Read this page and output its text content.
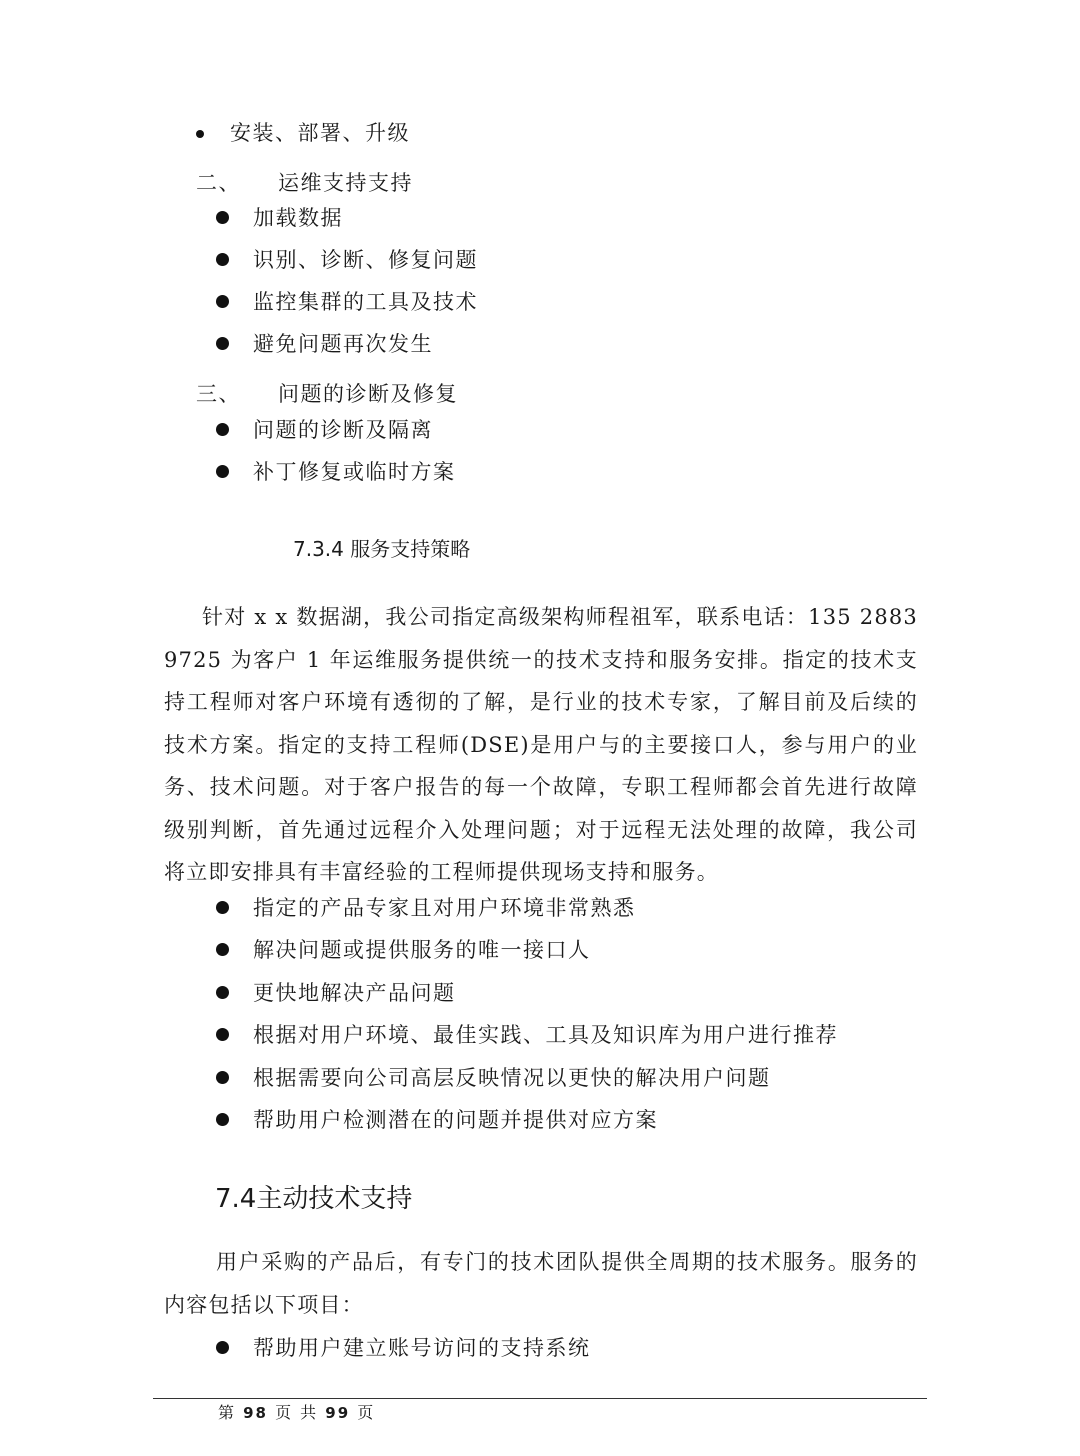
安装、部署、升级
二、 运维支持支持
加载数据
识别、诊断、修复问题
监控集群的工具及技术
避免问题再次发生
三、 问题的诊断及修复
问题的诊断及隔离
补丁修复或临时方案
7.3.4 服务支持策略

针对 x x 数据湖，我公司指定高级架构师程祖军，联系电话：135 2883 9725 为客户 1 年运维服务提供统一的技术支持和服务安排。指定的技术支持工程师对客户环境有透彻的了解，是行业的技术专家，了解目前及后续的技术方案。指定的支持工程师(DSE)是用户与的主要接口人，参与用户的业务、技术问题。对于客户报告的每一个故障，专职工程师都会首先进行故障级别判断，首先通过远程介入处理问题；对于远程无法处理的故障，我公司将立即安排具有丰富经验的工程师提供现场支持和服务。

指定的产品专家且对用户环境非常熟悉
解决问题或提供服务的唯一接口人
更快地解决产品问题
根据对用户环境、最佳实践、工具及知识库为用户进行推荐
根据需要向公司高层反映情况以更快的解决用户问题
帮助用户检测潜在的问题并提供对应方案
7.4主动技术支持

用户采购的产品后，有专门的技术团队提供全周期的技术服务。服务的内容包括以下项目：

帮助用户建立账号访问的支持系统
第 98 页 共 99 页
